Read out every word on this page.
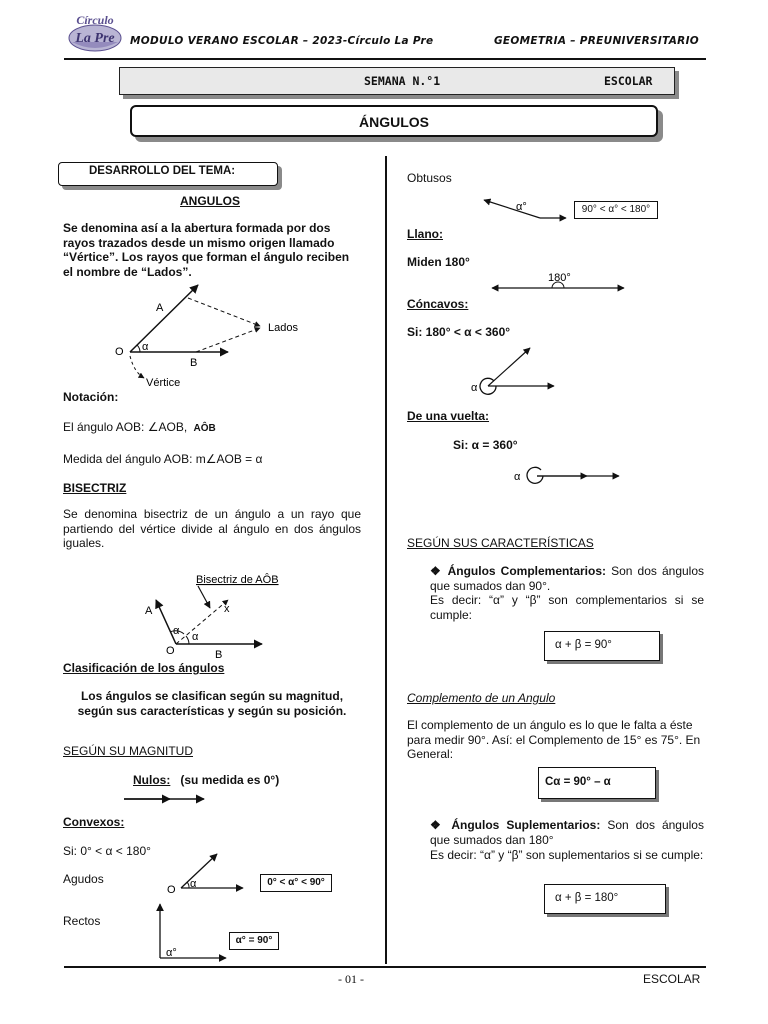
Círculo
La Pre MODULO VERANO ESCOLAR – 2023-Círculo La Pre	GEOMETRIA – PREUNIVERSITARIO
SEMANA N.°1	ESCOLAR
ÁNGULOS
DESARROLLO DEL TEMA:
ANGULOS
Se denomina así a la abertura formada por dos rayos trazados desde un mismo origen llamado “Vértice”. Los rayos que forman el ángulo reciben el nombre de “Lados”.
A
B
O α
Lados
Vértice
Notación:
El ángulo AOB: ∠AOB, AÔB
Medida del ángulo AOB: m∠AOB = α
BISECTRIZ
Se denomina bisectriz de un ángulo a un rayo que partiendo del vértice divide al ángulo en dos ángulos iguales.
Bisectriz de AÔB
A
O	B
x
α α
Clasificación de los ángulos
Los ángulos se clasifican según su magnitud, según sus características y según su posición.
SEGÚN SU MAGNITUD
Nulos: (su medida es 0°)
Convexos:
Si: 0° < α < 180°
Agudos
O α	0° < α° < 90°
Rectos
α°
α° = 90°
Obtusos
α°	90° < α° < 180°
Llano:
Miden 180°
180°
Cóncavos:
Si: 180° < α < 360°
α
De una vuelta:
Si: α = 360°
α
SEGÚN SUS CARACTERÍSTICAS
❖ Ángulos Complementarios: Son dos ángulos que sumados dan 90°.
Es decir: “α” y “β” son complementarios si se cumple:
α + β = 90°
Complemento de un Angulo
El complemento de un ángulo es lo que le falta a éste para medir 90°. Así: el Complemento de 15° es 75°. En General:
Cα = 90° – α
❖ Ángulos Suplementarios: Son dos ángulos que sumados dan 180°
Es decir: “α” y “β” son suplementarios si se cumple:
α + β = 180°
- 01 -	ESCOLAR
